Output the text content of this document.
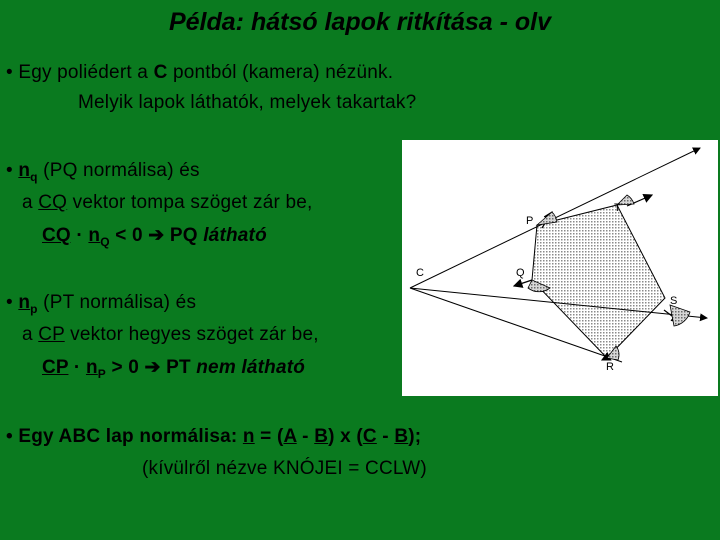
Példa: hátsó lapok ritkítása - olv
• Egy poliédert a C pontból (kamera) nézünk.
Melyik lapok láthatók, melyek takartak?
• $n_q$ (PQ normálisa) és
a CQ vektor tompa szöget zár be,
CQ · $n_Q < 0$ ➔ PQ látható
• $n_p$ (PT normálisa) és
a CP vektor hegyes szöget zár be,
CP · $n_P > 0$ ➔ PT nem látható
• Egy ABC lap normálisa: n = (A - B) x (C - B);
(kívülről nézve KNÓJEI = CCLW)
C
P
T
Q
S
R
